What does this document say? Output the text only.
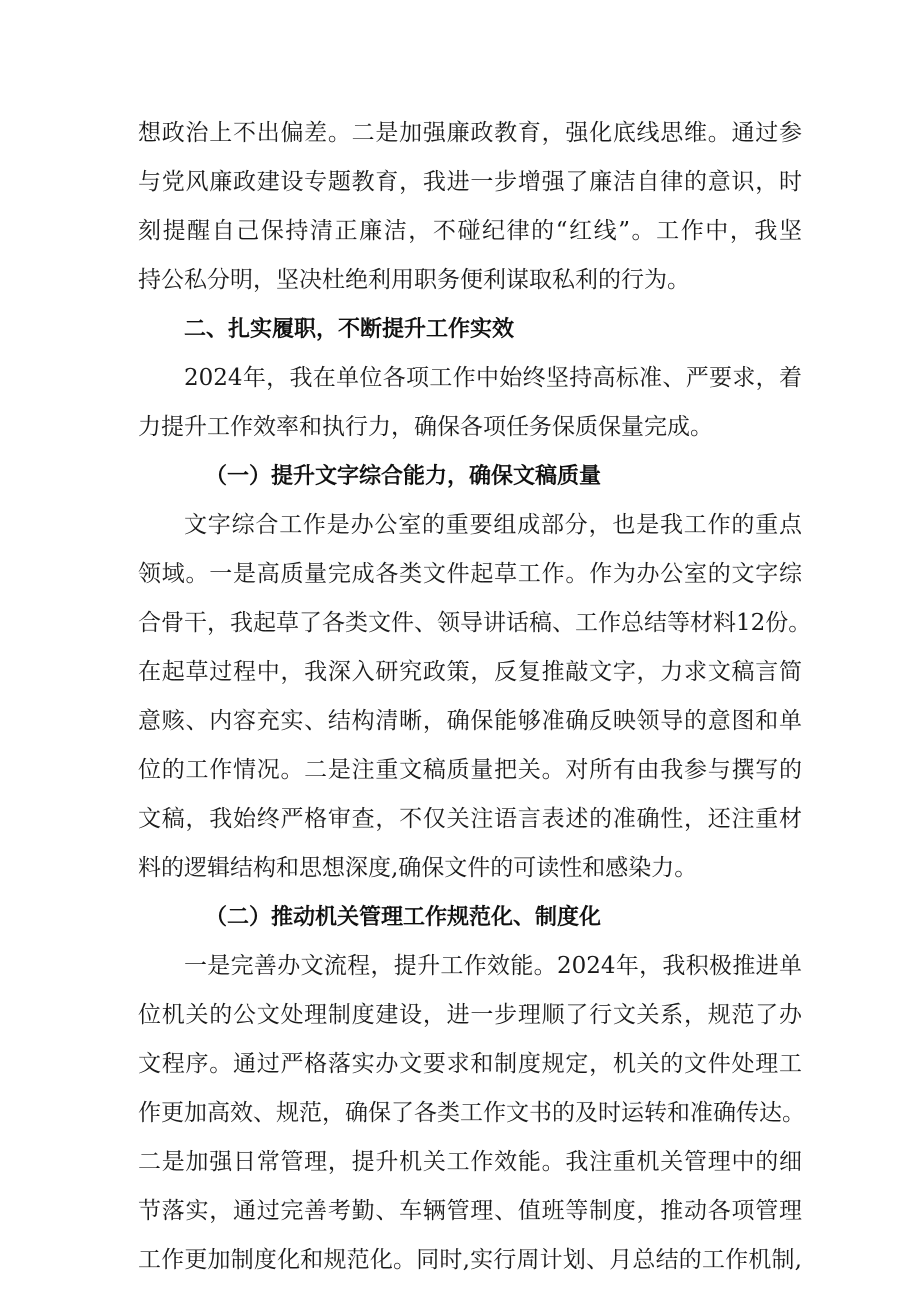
想政治上不出偏差。二是加强廉政教育，强化底线思维。通过参
与党风廉政建设专题教育，我进一步增强了廉洁自律的意识，时
刻提醒自己保持清正廉洁，不碰纪律的“红线”。工作中，我坚
持公私分明，坚决杜绝利用职务便利谋取私利的行为。
二、扎实履职，不断提升工作实效
2024年，我在单位各项工作中始终坚持高标准、严要求，着
力提升工作效率和执行力，确保各项任务保质保量完成。
（一）提升文字综合能力，确保文稿质量
文字综合工作是办公室的重要组成部分，也是我工作的重点
领域。一是高质量完成各类文件起草工作。作为办公室的文字综
合骨干，我起草了各类文件、领导讲话稿、工作总结等材料12份。
在起草过程中，我深入研究政策，反复推敲文字，力求文稿言简
意赅、内容充实、结构清晰，确保能够准确反映领导的意图和单
位的工作情况。二是注重文稿质量把关。对所有由我参与撰写的
文稿，我始终严格审查，不仅关注语言表述的准确性，还注重材
料的逻辑结构和思想深度,确保文件的可读性和感染力。
（二）推动机关管理工作规范化、制度化
一是完善办文流程，提升工作效能。2024年，我积极推进单
位机关的公文处理制度建设，进一步理顺了行文关系，规范了办
文程序。通过严格落实办文要求和制度规定，机关的文件处理工
作更加高效、规范，确保了各类工作文书的及时运转和准确传达。
二是加强日常管理，提升机关工作效能。我注重机关管理中的细
节落实，通过完善考勤、车辆管理、值班等制度，推动各项管理
工作更加制度化和规范化。同时,实行周计划、月总结的工作机制,
